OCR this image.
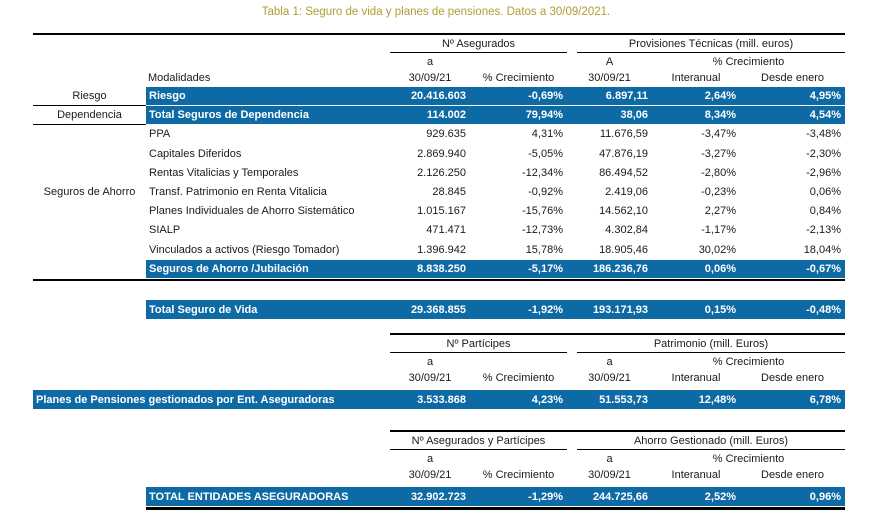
Tabla 1: Seguro de vida y planes de pensiones. Datos a 30/09/2021.
Nº Asegurados	Provisiones Técnicas (mill. euros)
a	A	% Crecimiento
Modalidades	30/09/21	% Crecimiento	30/09/21	Interanual	Desde enero
Riesgo	Riesgo	20.416.603	-0,69%	6.897,11	2,64%	4,95%
Dependencia	Total Seguros de Dependencia	114.002	79,94%	38,06	8,34%	4,54%
PPA	929.635	4,31%	11.676,59	-3,47%	-3,48%
Capitales Diferidos	2.869.940	-5,05%	47.876,19	-3,27%	-2,30%
Rentas Vitalicias y Temporales	2.126.250	-12,34%	86.494,52	-2,80%	-2,96%
Seguros de Ahorro	Transf. Patrimonio en Renta Vitalicia	28.845	-0,92%	2.419,06	-0,23%	0,06%
Planes Individuales de Ahorro Sistemático	1.015.167	-15,76%	14.562,10	2,27%	0,84%
SIALP	471.471	-12,73%	4.302,84	-1,17%	-2,13%
Vinculados a activos (Riesgo Tomador)	1.396.942	15,78%	18.905,46	30,02%	18,04%
Seguros de Ahorro /Jubilación	8.838.250	-5,17%	186.236,76	0,06%	-0,67%
Total Seguro de Vida	29.368.855	-1,92%	193.171,93	0,15%	-0,48%
Nº Partícipes	Patrimonio (mill. Euros)
a	a	% Crecimiento
30/09/21	% Crecimiento	30/09/21	Interanual	Desde enero
Planes de Pensiones gestionados por Ent. Aseguradoras	3.533.868	4,23%	51.553,73	12,48%	6,78%
Nº Asegurados y Partícipes	Ahorro Gestionado (mill. Euros)
a	a	% Crecimiento
30/09/21	% Crecimiento	30/09/21	Interanual	Desde enero
TOTAL ENTIDADES ASEGURADORAS	32.902.723	-1,29%	244.725,66	2,52%	0,96%
